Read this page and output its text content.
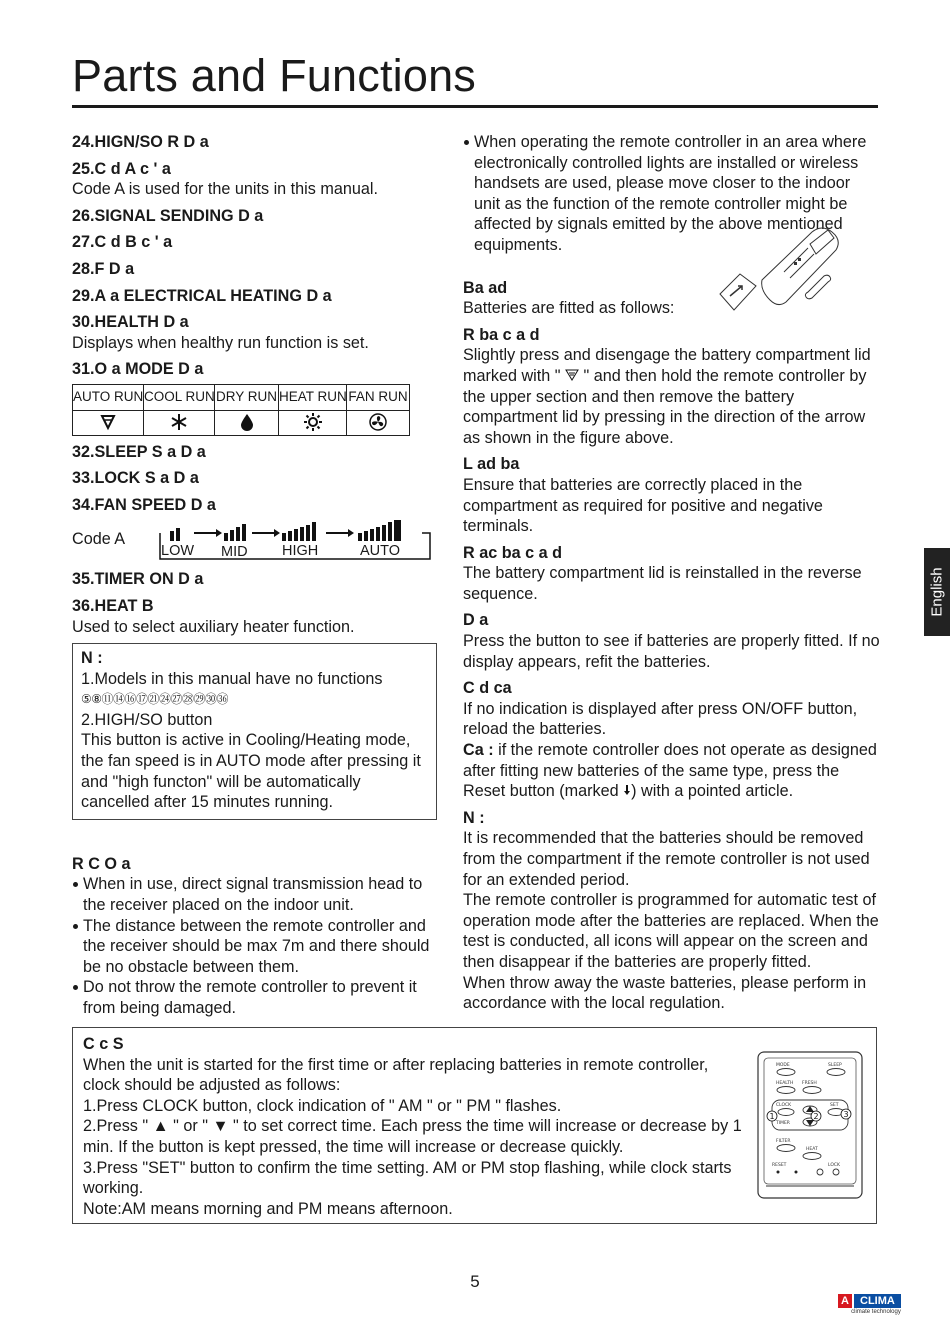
Parts and Functions
24.HIGN/SO R D a
25.C d A c ' a

Code A is used for the units in this manual.

26.SIGNAL SENDING D a
27.C d B c ' a
28.F D a
29.A a ELECTRICAL HEATING D a
30.HEALTH D a

Displays when healthy run function is set.

31.O a MODE D a
AUTO RUN COOL RUN DRY RUN HEAT RUN FAN RUN
32.SLEEP S a D a
33.LOCK S a D a
34.FAN SPEED D a
Code A
LOW MID HIGH	AUTO
35.TIMER ON D a
36.HEAT B

Used to select auxiliary heater function.

N :

1.Models in this manual have no functions

⑤⑧⑪⑭⑯⑰㉑㉔㉗㉘㉙㉚㊱

2.HIGH/SO button

This button is active in Cooling/Heating mode, the fan speed is in AUTO mode after pressing it and "high functon" will be automatically cancelled after 15 minutes running.

R C O a

When in use, direct signal transmission head to the receiver placed on the indoor unit.

The distance between the remote controller and the receiver should be max 7m and there should be no obstacle between them.

Do not throw the remote controller to prevent it from being damaged.

When operating the remote controller in an area where electronically controlled lights are installed or wireless handsets are used, please move closer to the indoor unit as the function of the remote controller might be affected by signals emitted by the above mentioned equipments.

Ba ad

Batteries are fitted as follows:

R ba c a d

Slightly press and disengage the battery compartment lid marked with " " and then hold the remote controller by the upper section and then remove the battery compartment lid by pressing in the direction of the arrow as shown in the figure above.

L ad ba

Ensure that batteries are correctly placed in the compartment as required for positive and negative terminals.

R ac ba c a d

The battery compartment lid is reinstalled in the reverse sequence.

D a

Press the button to see if batteries are properly fitted. If no display appears, refit the batteries.

C d ca

If no indication is displayed after press ON/OFF button, reload the batteries.

Ca : if the remote controller does not operate as designed after fitting new batteries of the same type, press the Reset button (marked ) with a pointed article.

N :

It is recommended that the batteries should be removed from the compartment if the remote controller is not used for an extended period.

The remote controller is programmed for automatic test of operation mode after the batteries are replaced. When the test is conducted, all icons will appear on the screen and then disappear if the batteries are properly fitted.

When throw away the waste batteries, please perform in accordance with the local regulation.

C c S

When the unit is started for the first time or after replacing batteries in remote controller, clock should be adjusted as follows:

1.Press CLOCK button, clock indication of " AM " or " PM " flashes.

2.Press " ▲ " or " ▼ " to set correct time. Each press the time will increase or decrease by 1 min. If the button is kept pressed, the time will increase or decrease quickly.

3.Press "SET" button to confirm the time setting. AM or PM stop flashing, while clock starts working.

Note:AM means morning and PM means afternoon.

MODE	SLEEP
HEALTH FRESH
CLOCK	SET
TIMER
FILTER
HEAT
RESET	LOCK
1	2	3
English
5
A	CLIMA
climate technology
